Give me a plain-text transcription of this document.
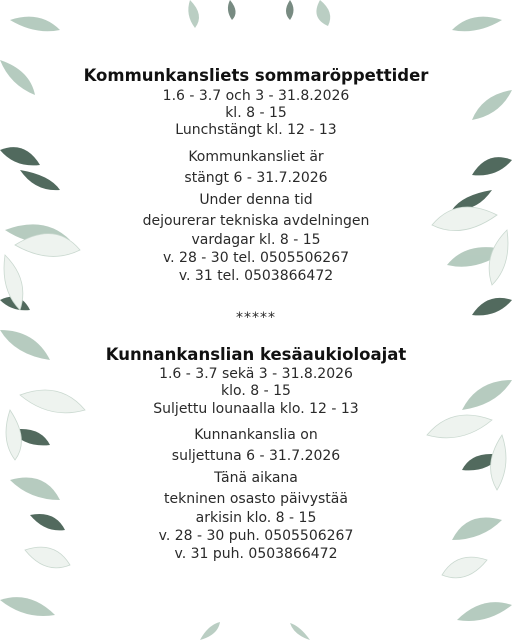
Kommunkansliets sommaröppettider
1.6 - 3.7 och 3 - 31.8.2026
kl. 8 - 15
Lunchstängt kl. 12 - 13
Kommunkansliet är
stängt 6 - 31.7.2026
Under denna tid
dejourerar tekniska avdelningen
vardagar kl. 8 - 15
v. 28 - 30 tel. 0505506267
v. 31 tel. 0503866472
*****
Kunnankanslian kesäaukioloajat
1.6 - 3.7 sekä 3 - 31.8.2026
klo. 8 - 15
Suljettu lounaalla klo. 12 - 13
Kunnankanslia on
suljettuna 6 - 31.7.2026
Tänä aikana
tekninen osasto päivystää
arkisin klo. 8 - 15
v. 28 - 30 puh. 0505506267
v. 31 puh. 0503866472
